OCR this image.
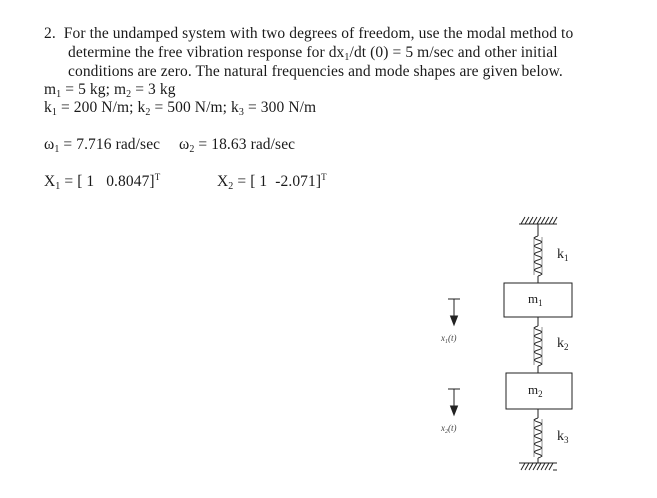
2. For the undamped system with two degrees of freedom, use the modal method to
determine the free vibration response for $dx_1/dt$ (0) = 5 m/sec and other initial
conditions are zero. The natural frequencies and mode shapes are given below.
$m_1 = 5$ kg; $m_2 = 3$ kg
$k_1 = 200$ N/m; $k_2 = 500$ N/m; $k_3 = 300$ N/m
$\omega_1 = 7.716$ rad/sec $\omega_2 = 18.63$ rad/sec
$X_1$ = [ 1   0.8047]$^T$	$X_2$ = [ 1  -2.071]$^T$
$k_1$
$m_1$
$k_2$
$m_2$
$k_3$
$x_1(t)$
$x_2(t)$
